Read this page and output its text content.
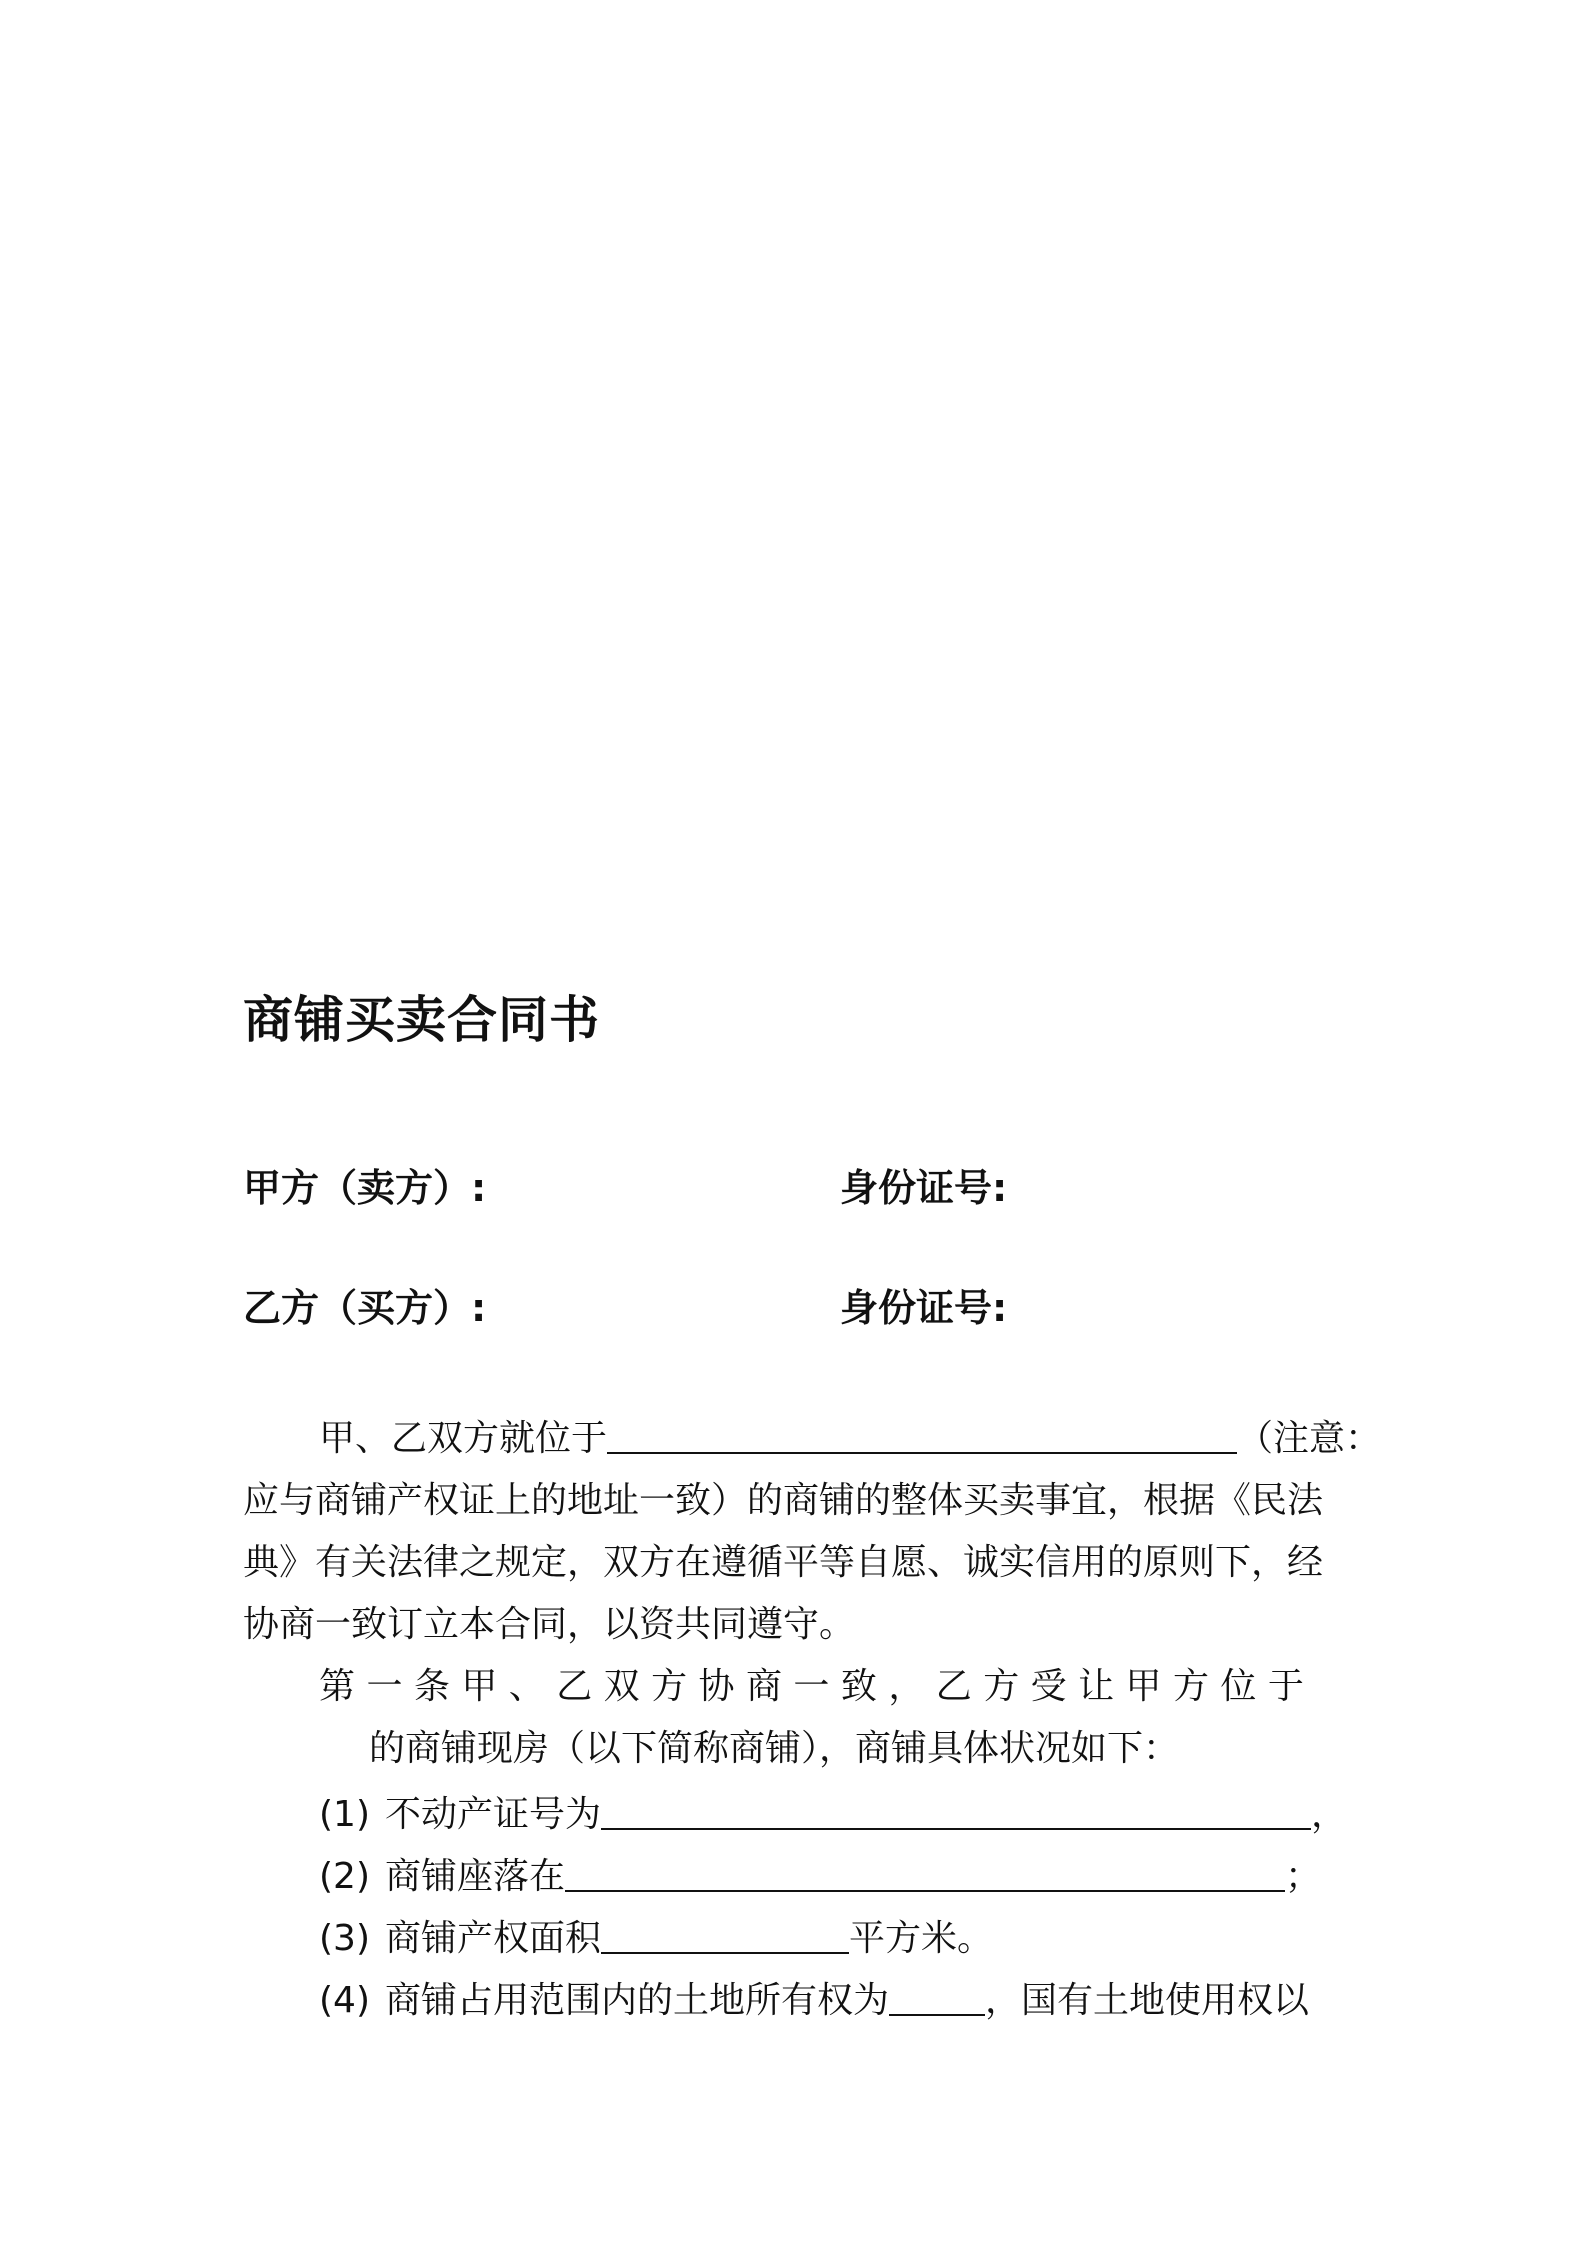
商铺买卖合同书
甲方（卖方）:	身份证号:
乙方（买方）:	身份证号:
甲、乙双方就位于	（注意：
应与商铺产权证上的地址一致）的商铺的整体买卖事宜，根据《民法
典》有关法律之规定，双方在遵循平等自愿、诚实信用的原则下，经
协商一致订立本合同，以资共同遵守。
第 一 条 甲 、 乙 双 方 协 商 一 致 ， 乙 方 受 让 甲 方 位 于
的商铺现房（以下简称商铺），商铺具体状况如下：
(1) 不动产证号为	，
(2) 商铺座落在	；
(3) 商铺产权面积	平方米。
(4) 商铺占用范围内的土地所有权为	，国有土地使用权以
